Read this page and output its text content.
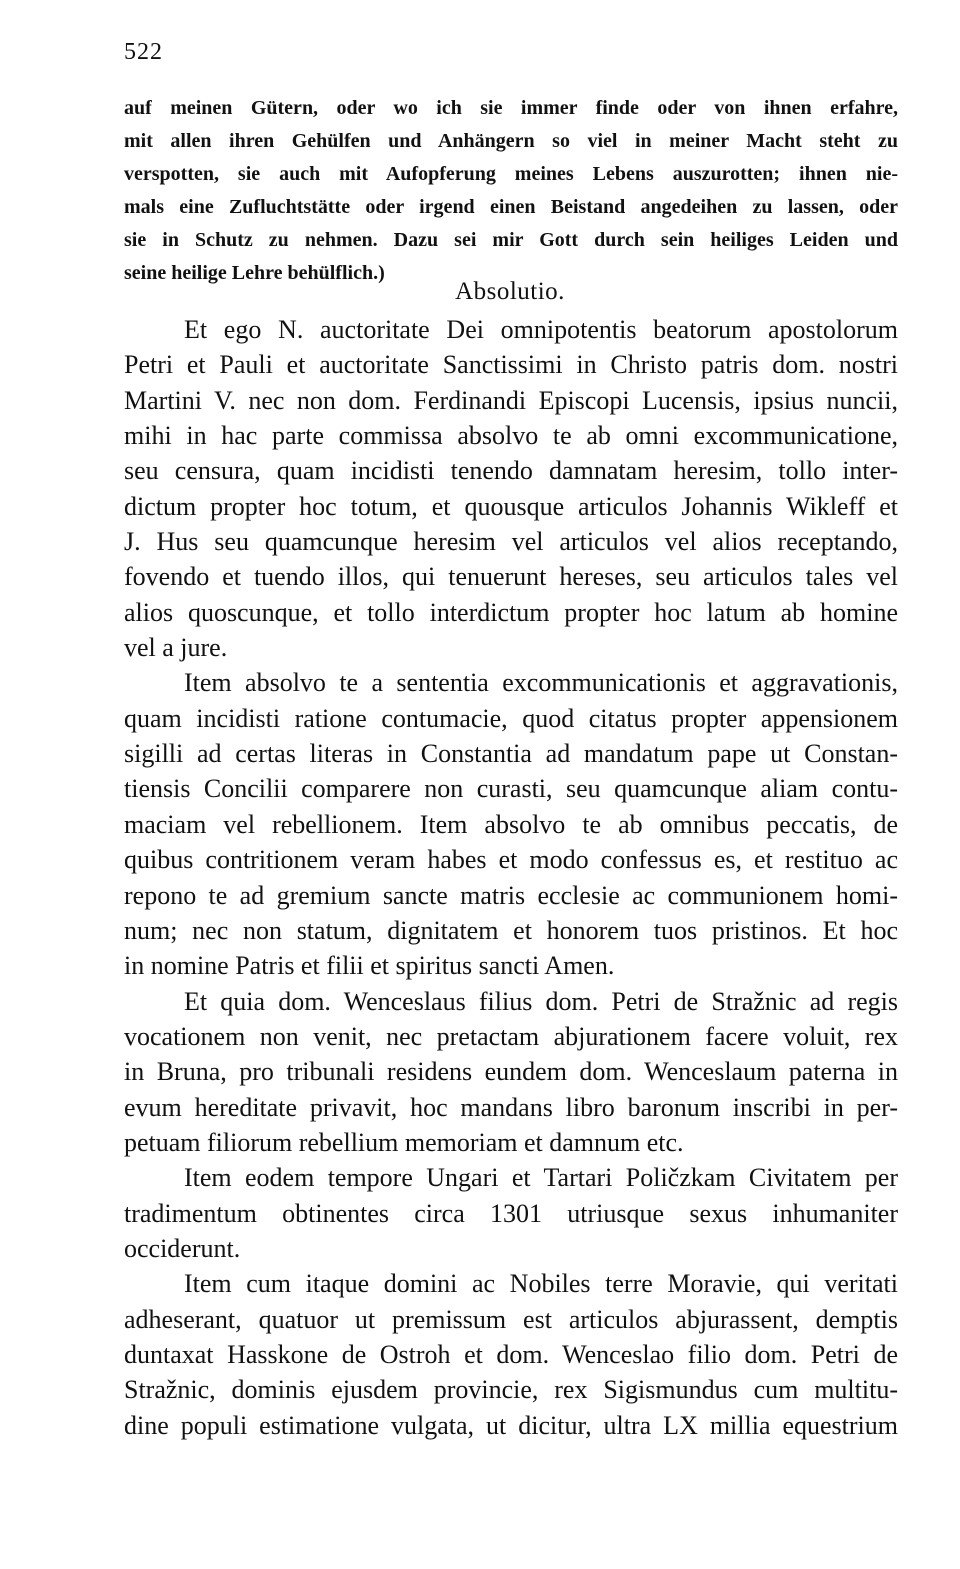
522
auf meinen Gütern, oder wo ich sie immer finde oder von ihnen erfahre,
mit allen ihren Gehülfen und Anhängern so viel in meiner Macht steht zu
verspotten, sie auch mit Aufopferung meines Lebens auszurotten; ihnen nie-
mals eine Zufluchtstätte oder irgend einen Beistand angedeihen zu lassen, oder
sie in Schutz zu nehmen. Dazu sei mir Gott durch sein heiliges Leiden und
seine heilige Lehre behülflich.)
Absolutio.
Et ego N. auctoritate Dei omnipotentis beatorum apostolorum
Petri et Pauli et auctoritate Sanctissimi in Christo patris dom. nostri
Martini V. nec non dom. Ferdinandi Episcopi Lucensis, ipsius nuncii,
mihi in hac parte commissa absolvo te ab omni excommunicatione,
seu censura, quam incidisti tenendo damnatam heresim, tollo inter-
dictum propter hoc totum, et quousque articulos Johannis Wikleff et
J. Hus seu quamcunque heresim vel articulos vel alios receptando,
fovendo et tuendo illos, qui tenuerunt hereses, seu articulos tales vel
alios quoscunque, et tollo interdictum propter hoc latum ab homine
vel a jure.
Item absolvo te a sententia excommunicationis et aggravationis,
quam incidisti ratione contumacie, quod citatus propter appensionem
sigilli ad certas literas in Constantia ad mandatum pape ut Constan-
tiensis Concilii comparere non curasti, seu quamcunque aliam contu-
maciam vel rebellionem. Item absolvo te ab omnibus peccatis, de
quibus contritionem veram habes et modo confessus es, et restituo ac
repono te ad gremium sancte matris ecclesie ac communionem homi-
num; nec non statum, dignitatem et honorem tuos pristinos. Et hoc
in nomine Patris et filii et spiritus sancti Amen.
Et quia dom. Wenceslaus filius dom. Petri de Stražnic ad regis
vocationem non venit, nec pretactam abjurationem facere voluit, rex
in Bruna, pro tribunali residens eundem dom. Wenceslaum paterna in
evum hereditate privavit, hoc mandans libro baronum inscribi in per-
petuam filiorum rebellium memoriam et damnum etc.
Item eodem tempore Ungari et Tartari Poličzkam Civitatem per
tradimentum obtinentes circa 1301 utriusque sexus inhumaniter
occiderunt.
Item cum itaque domini ac Nobiles terre Moravie, qui veritati
adheserant, quatuor ut premissum est articulos abjurassent, demptis
duntaxat Hasskone de Ostroh et dom. Wenceslao filio dom. Petri de
Stražnic, dominis ejusdem provincie, rex Sigismundus cum multitu-
dine populi estimatione vulgata, ut dicitur, ultra LX millia equestrium
